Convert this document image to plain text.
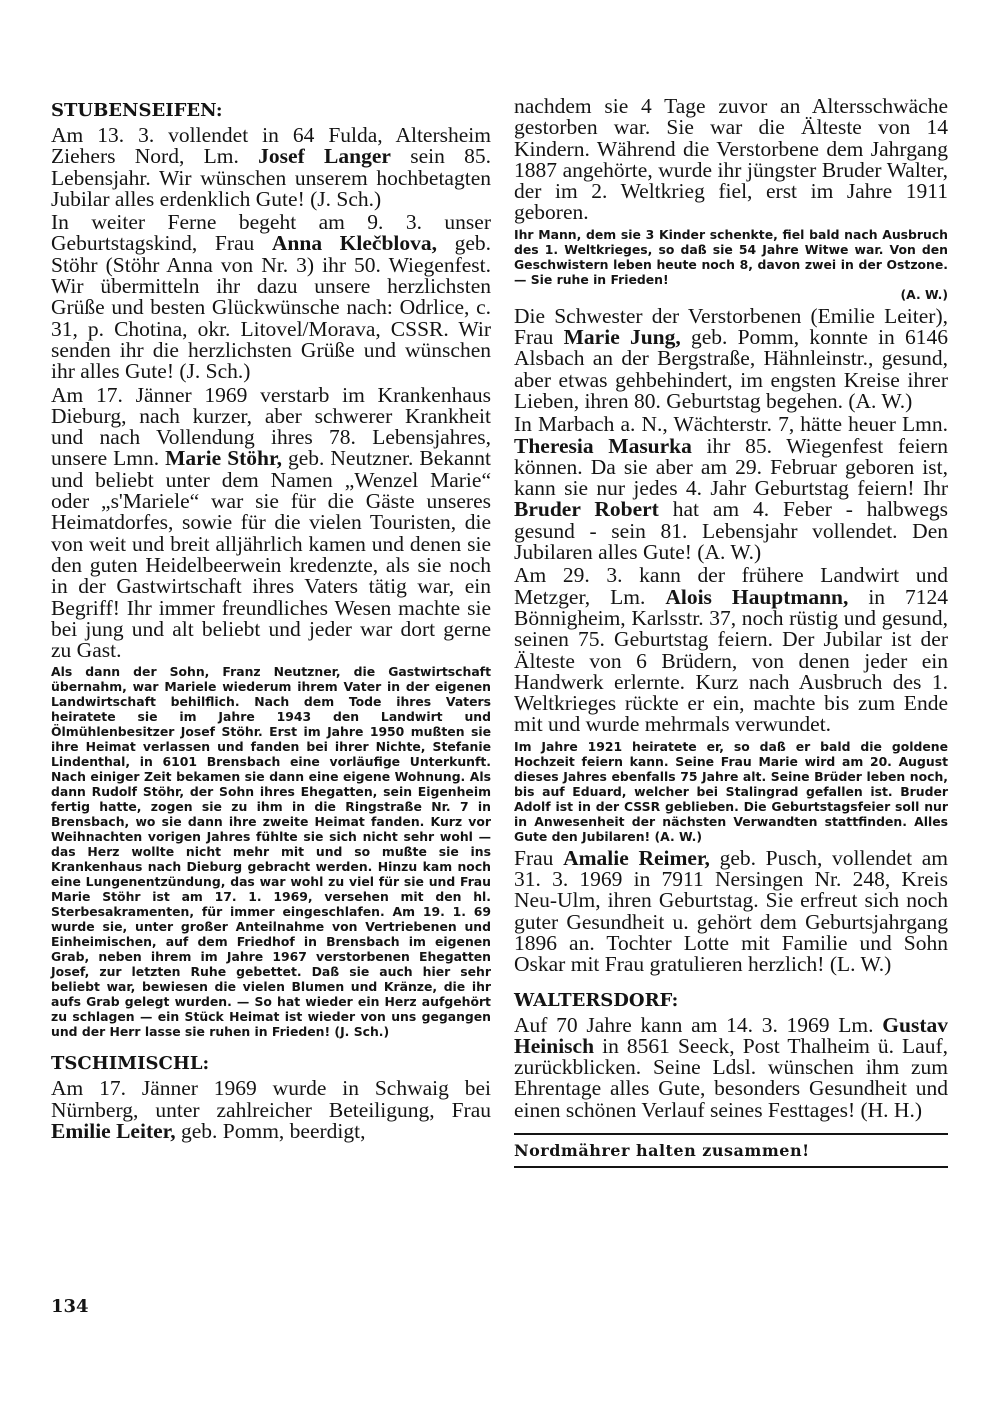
STUBENSEIFEN:

Am 13. 3. vollendet in 64 Fulda, Altersheim Ziehers Nord, Lm. Josef Langer sein 85. Lebensjahr. Wir wünschen unserem hochbetagten Jubilar alles erdenklich Gute! (J. Sch.)

In weiter Ferne begeht am 9. 3. unser Geburtstagskind, Frau Anna Klečblova, geb. Stöhr (Stöhr Anna von Nr. 3) ihr 50. Wiegenfest. Wir übermitteln ihr dazu unsere herzlichsten Grüße und besten Glückwünsche nach: Odrlice, c. 31, p. Chotina, okr. Litovel/Morava, CSSR. Wir senden ihr die herzlichsten Grüße und wünschen ihr alles Gute! (J. Sch.)

Am 17. Jänner 1969 verstarb im Krankenhaus Dieburg, nach kurzer, aber schwerer Krankheit und nach Vollendung ihres 78. Lebensjahres, unsere Lmn. Marie Stöhr, geb. Neutzner. Bekannt und beliebt unter dem Namen „Wenzel Marie“ oder „s'Mariele“ war sie für die Gäste unseres Heimatdorfes, sowie für die vielen Touristen, die von weit und breit alljährlich kamen und denen sie den guten Heidelbeerwein kredenzte, als sie noch in der Gastwirtschaft ihres Vaters tätig war, ein Begriff! Ihr immer freundliches Wesen machte sie bei jung und alt beliebt und jeder war dort gerne zu Gast.

Als dann der Sohn, Franz Neutzner, die Gastwirtschaft übernahm, war Mariele wiederum ihrem Vater in der eigenen Landwirtschaft behilflich. Nach dem Tode ihres Vaters heiratete sie im Jahre 1943 den Landwirt und Ölmühlenbesitzer Josef Stöhr. Erst im Jahre 1950 mußten sie ihre Heimat verlassen und fanden bei ihrer Nichte, Stefanie Lindenthal, in 6101 Brensbach eine vorläufige Unterkunft. Nach einiger Zeit bekamen sie dann eine eigene Wohnung. Als dann Rudolf Stöhr, der Sohn ihres Ehegatten, sein Eigenheim fertig hatte, zogen sie zu ihm in die Ringstraße Nr. 7 in Brensbach, wo sie dann ihre zweite Heimat fanden. Kurz vor Weihnachten vorigen Jahres fühlte sie sich nicht sehr wohl — das Herz wollte nicht mehr mit und so mußte sie ins Krankenhaus nach Dieburg gebracht werden. Hinzu kam noch eine Lungenentzündung, das war wohl zu viel für sie und Frau Marie Stöhr ist am 17. 1. 1969, versehen mit den hl. Sterbesakramenten, für immer eingeschlafen. Am 19. 1. 69 wurde sie, unter großer Anteilnahme von Vertriebenen und Einheimischen, auf dem Friedhof in Brensbach im eigenen Grab, neben ihrem im Jahre 1967 verstorbenen Ehegatten Josef, zur letzten Ruhe gebettet. Daß sie auch hier sehr beliebt war, bewiesen die vielen Blumen und Kränze, die ihr aufs Grab gelegt wurden. — So hat wieder ein Herz aufgehört zu schlagen — ein Stück Heimat ist wieder von uns gegangen und der Herr lasse sie ruhen in Frieden! (J. Sch.)

TSCHIMISCHL:

Am 17. Jänner 1969 wurde in Schwaig bei Nürnberg, unter zahlreicher Beteiligung, Frau Emilie Leiter, geb. Pomm, beerdigt,

nachdem sie 4 Tage zuvor an Altersschwäche gestorben war. Sie war die Älteste von 14 Kindern. Während die Verstorbene dem Jahrgang 1887 angehörte, wurde ihr jüngster Bruder Walter, der im 2. Weltkrieg fiel, erst im Jahre 1911 geboren.

Ihr Mann, dem sie 3 Kinder schenkte, fiel bald nach Ausbruch des 1. Weltkrieges, so daß sie 54 Jahre Witwe war. Von den Geschwistern leben heute noch 8, davon zwei in der Ostzone. — Sie ruhe in Frieden!
(A. W.)

Die Schwester der Verstorbenen (Emilie Leiter), Frau Marie Jung, geb. Pomm, konnte in 6146 Alsbach an der Bergstraße, Hähnleinstr., gesund, aber etwas gehbehindert, im engsten Kreise ihrer Lieben, ihren 80. Geburtstag begehen. (A. W.)

In Marbach a. N., Wächterstr. 7, hätte heuer Lmn. Theresia Masurka ihr 85. Wiegenfest feiern können. Da sie aber am 29. Februar geboren ist, kann sie nur jedes 4. Jahr Geburtstag feiern! Ihr Bruder Robert hat am 4. Feber - halbwegs gesund - sein 81. Lebensjahr vollendet. Den Jubilaren alles Gute! (A. W.)

Am 29. 3. kann der frühere Landwirt und Metzger, Lm. Alois Hauptmann, in 7124 Bönnigheim, Karlsstr. 37, noch rüstig und gesund, seinen 75. Geburtstag feiern. Der Jubilar ist der Älteste von 6 Brüdern, von denen jeder ein Handwerk erlernte. Kurz nach Ausbruch des 1. Weltkrieges rückte er ein, machte bis zum Ende mit und wurde mehrmals verwundet.

Im Jahre 1921 heiratete er, so daß er bald die goldene Hochzeit feiern kann. Seine Frau Marie wird am 20. August dieses Jahres ebenfalls 75 Jahre alt. Seine Brüder leben noch, bis auf Eduard, welcher bei Stalingrad gefallen ist. Bruder Adolf ist in der CSSR geblieben. Die Geburtstagsfeier soll nur in Anwesenheit der nächsten Verwandten stattfinden. Alles Gute den Jubilaren! (A. W.)

Frau Amalie Reimer, geb. Pusch, vollendet am 31. 3. 1969 in 7911 Nersingen Nr. 248, Kreis Neu-Ulm, ihren Geburtstag. Sie erfreut sich noch guter Gesundheit u. gehört dem Geburtsjahrgang 1896 an. Tochter Lotte mit Familie und Sohn Oskar mit Frau gratulieren herzlich! (L. W.)

WALTERSDORF:

Auf 70 Jahre kann am 14. 3. 1969 Lm. Gustav Heinisch in 8561 Seeck, Post Thalheim ü. Lauf, zurückblicken. Seine Ldsl. wünschen ihm zum Ehrentage alles Gute, besonders Gesundheit und einen schönen Verlauf seines Festtages! (H. H.)

Nordmährer halten zusammen!
134
